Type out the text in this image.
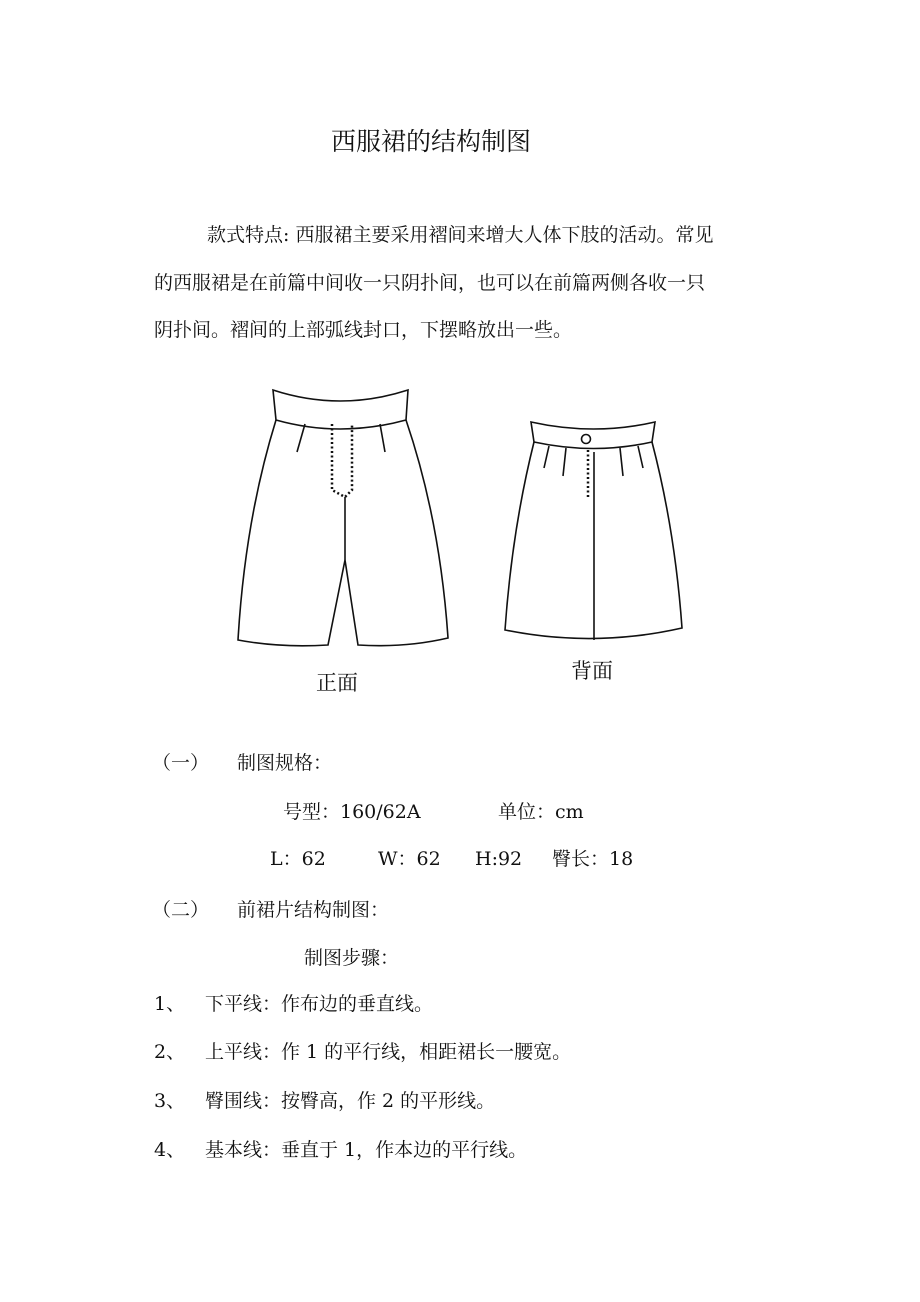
西服裙的结构制图
款式特点: 西服裙主要采用褶间来增大人体下肢的活动。常见
的西服裙是在前篇中间收一只阴扑间，也可以在前篇两侧各收一只
阴扑间。褶间的上部弧线封口，下摆略放出一些。
正面	背面
（一） 制图规格：
号型：160/62A	单位：cm
L：62	W：62 H:92 臀长：18
（二） 前裙片结构制图：
制图步骤：
1、 下平线：作布边的垂直线。
2、 上平线：作 1 的平行线，相距裙长一腰宽。
3、 臀围线：按臀高，作 2 的平形线。
4、 基本线：垂直于 1，作本边的平行线。
